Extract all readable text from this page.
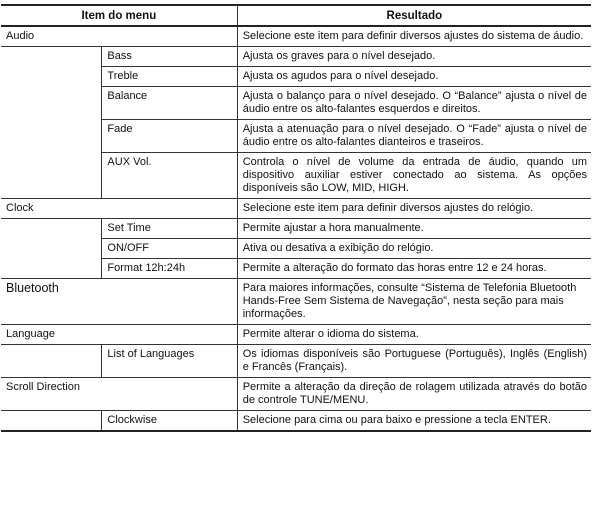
Item do menu		Resultado
Audio		Selecione este item para definir diversos ajustes do sistema de áudio.
	Bass	Ajusta os graves para o nível desejado.
	Treble	Ajusta os agudos para o nível desejado.
	Balance	Ajusta o balanço para o nível desejado. O “Balance” ajusta o nível de áudio entre os alto-falantes esquerdos e direitos.
	Fade	Ajusta a atenuação para o nível desejado. O “Fade” ajusta o nível de áudio entre os alto-falantes dianteiros e traseiros.
	AUX Vol.	Controla o nível de volume da entrada de áudio, quando um dispositivo auxiliar estiver conectado ao sistema. As opções disponíveis são LOW, MID, HIGH.
Clock		Selecione este item para definir diversos ajustes do relógio.
	Set Time	Permite ajustar a hora manualmente.
	ON/OFF	Ativa ou desativa a exibição do relógio.
	Format 12h:24h	Permite a alteração do formato das horas entre 12 e 24 horas.
Bluetooth		Para maiores informações, consulte “Sistema de Telefonia Bluetooth Hands-Free Sem Sistema de Navegação”, nesta seção para mais informações.
Language		Permite alterar o idioma do sistema.
	List of Languages	Os idiomas disponíveis são Portuguese (Português), Inglês (English) e Francês (Français).
Scroll Direction		Permite a alteração da direção de rolagem utilizada através do botão de controle TUNE/MENU.
	Clockwise	Selecione para cima ou para baixo e pressione a tecla ENTER.
